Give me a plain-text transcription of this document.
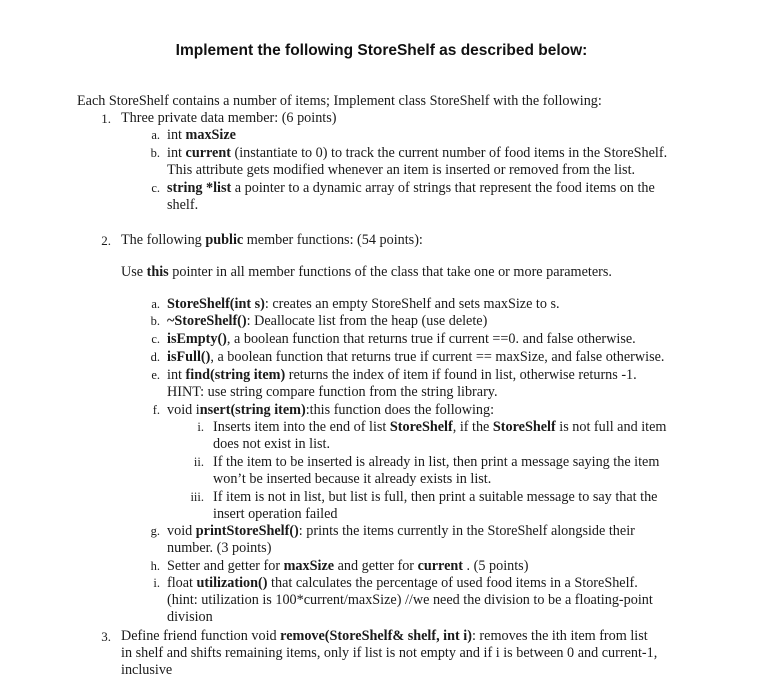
Implement the following StoreShelf as described below:
Each StoreShelf contains a number of items; Implement class StoreShelf with the following:
1. Three private data member: (6 points)
a. int maxSize
b. int current (instantiate to 0) to track the current number of food items in the StoreShelf.
This attribute gets modified whenever an item is inserted or removed from the list.
c. string *list a pointer to a dynamic array of strings that represent the food items on the
shelf.
2. The following public member functions: (54 points):
Use this pointer in all member functions of the class that take one or more parameters.
a. StoreShelf(int s): creates an empty StoreShelf and sets maxSize to s.
b. ~StoreShelf(): Deallocate list from the heap (use delete)
c. isEmpty(), a boolean function that returns true if current ==0. and false otherwise.
d. isFull(), a boolean function that returns true if current == maxSize, and false otherwise.
e. int find(string item) returns the index of item if found in list, otherwise returns -1.
HINT: use string compare function from the string library.
f. void insert(string item):this function does the following:
i. Inserts item into the end of list StoreShelf, if the StoreShelf is not full and item
does not exist in list.
ii. If the item to be inserted is already in list, then print a message saying the item
won’t be inserted because it already exists in list.
iii. If item is not in list, but list is full, then print a suitable message to say that the
insert operation failed
g. void printStoreShelf(): prints the items currently in the StoreShelf alongside their
number. (3 points)
h. Setter and getter for maxSize and getter for current . (5 points)
i. float utilization() that calculates the percentage of used food items in a StoreShelf.
(hint: utilization is 100*current/maxSize) //we need the division to be a floating-point
division
3. Define friend function void remove(StoreShelf& shelf, int i): removes the ith item from list
in shelf and shifts remaining items, only if list is not empty and if i is between 0 and current-1,
inclusive
